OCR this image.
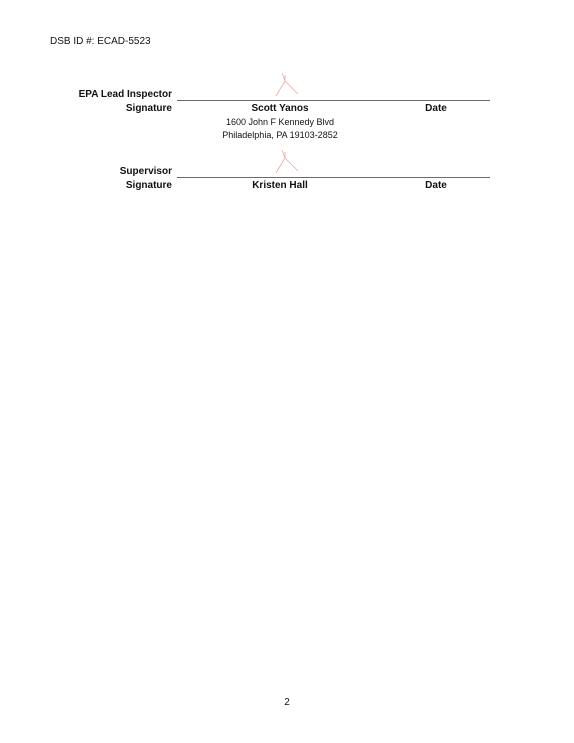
DSB ID #: ECAD-5523
EPA Lead Inspector
Signature	Scott Yanos	Date
1600 John F Kennedy Blvd
Philadelphia, PA 19103-2852
Supervisor
Signature	Kristen Hall	Date
2
